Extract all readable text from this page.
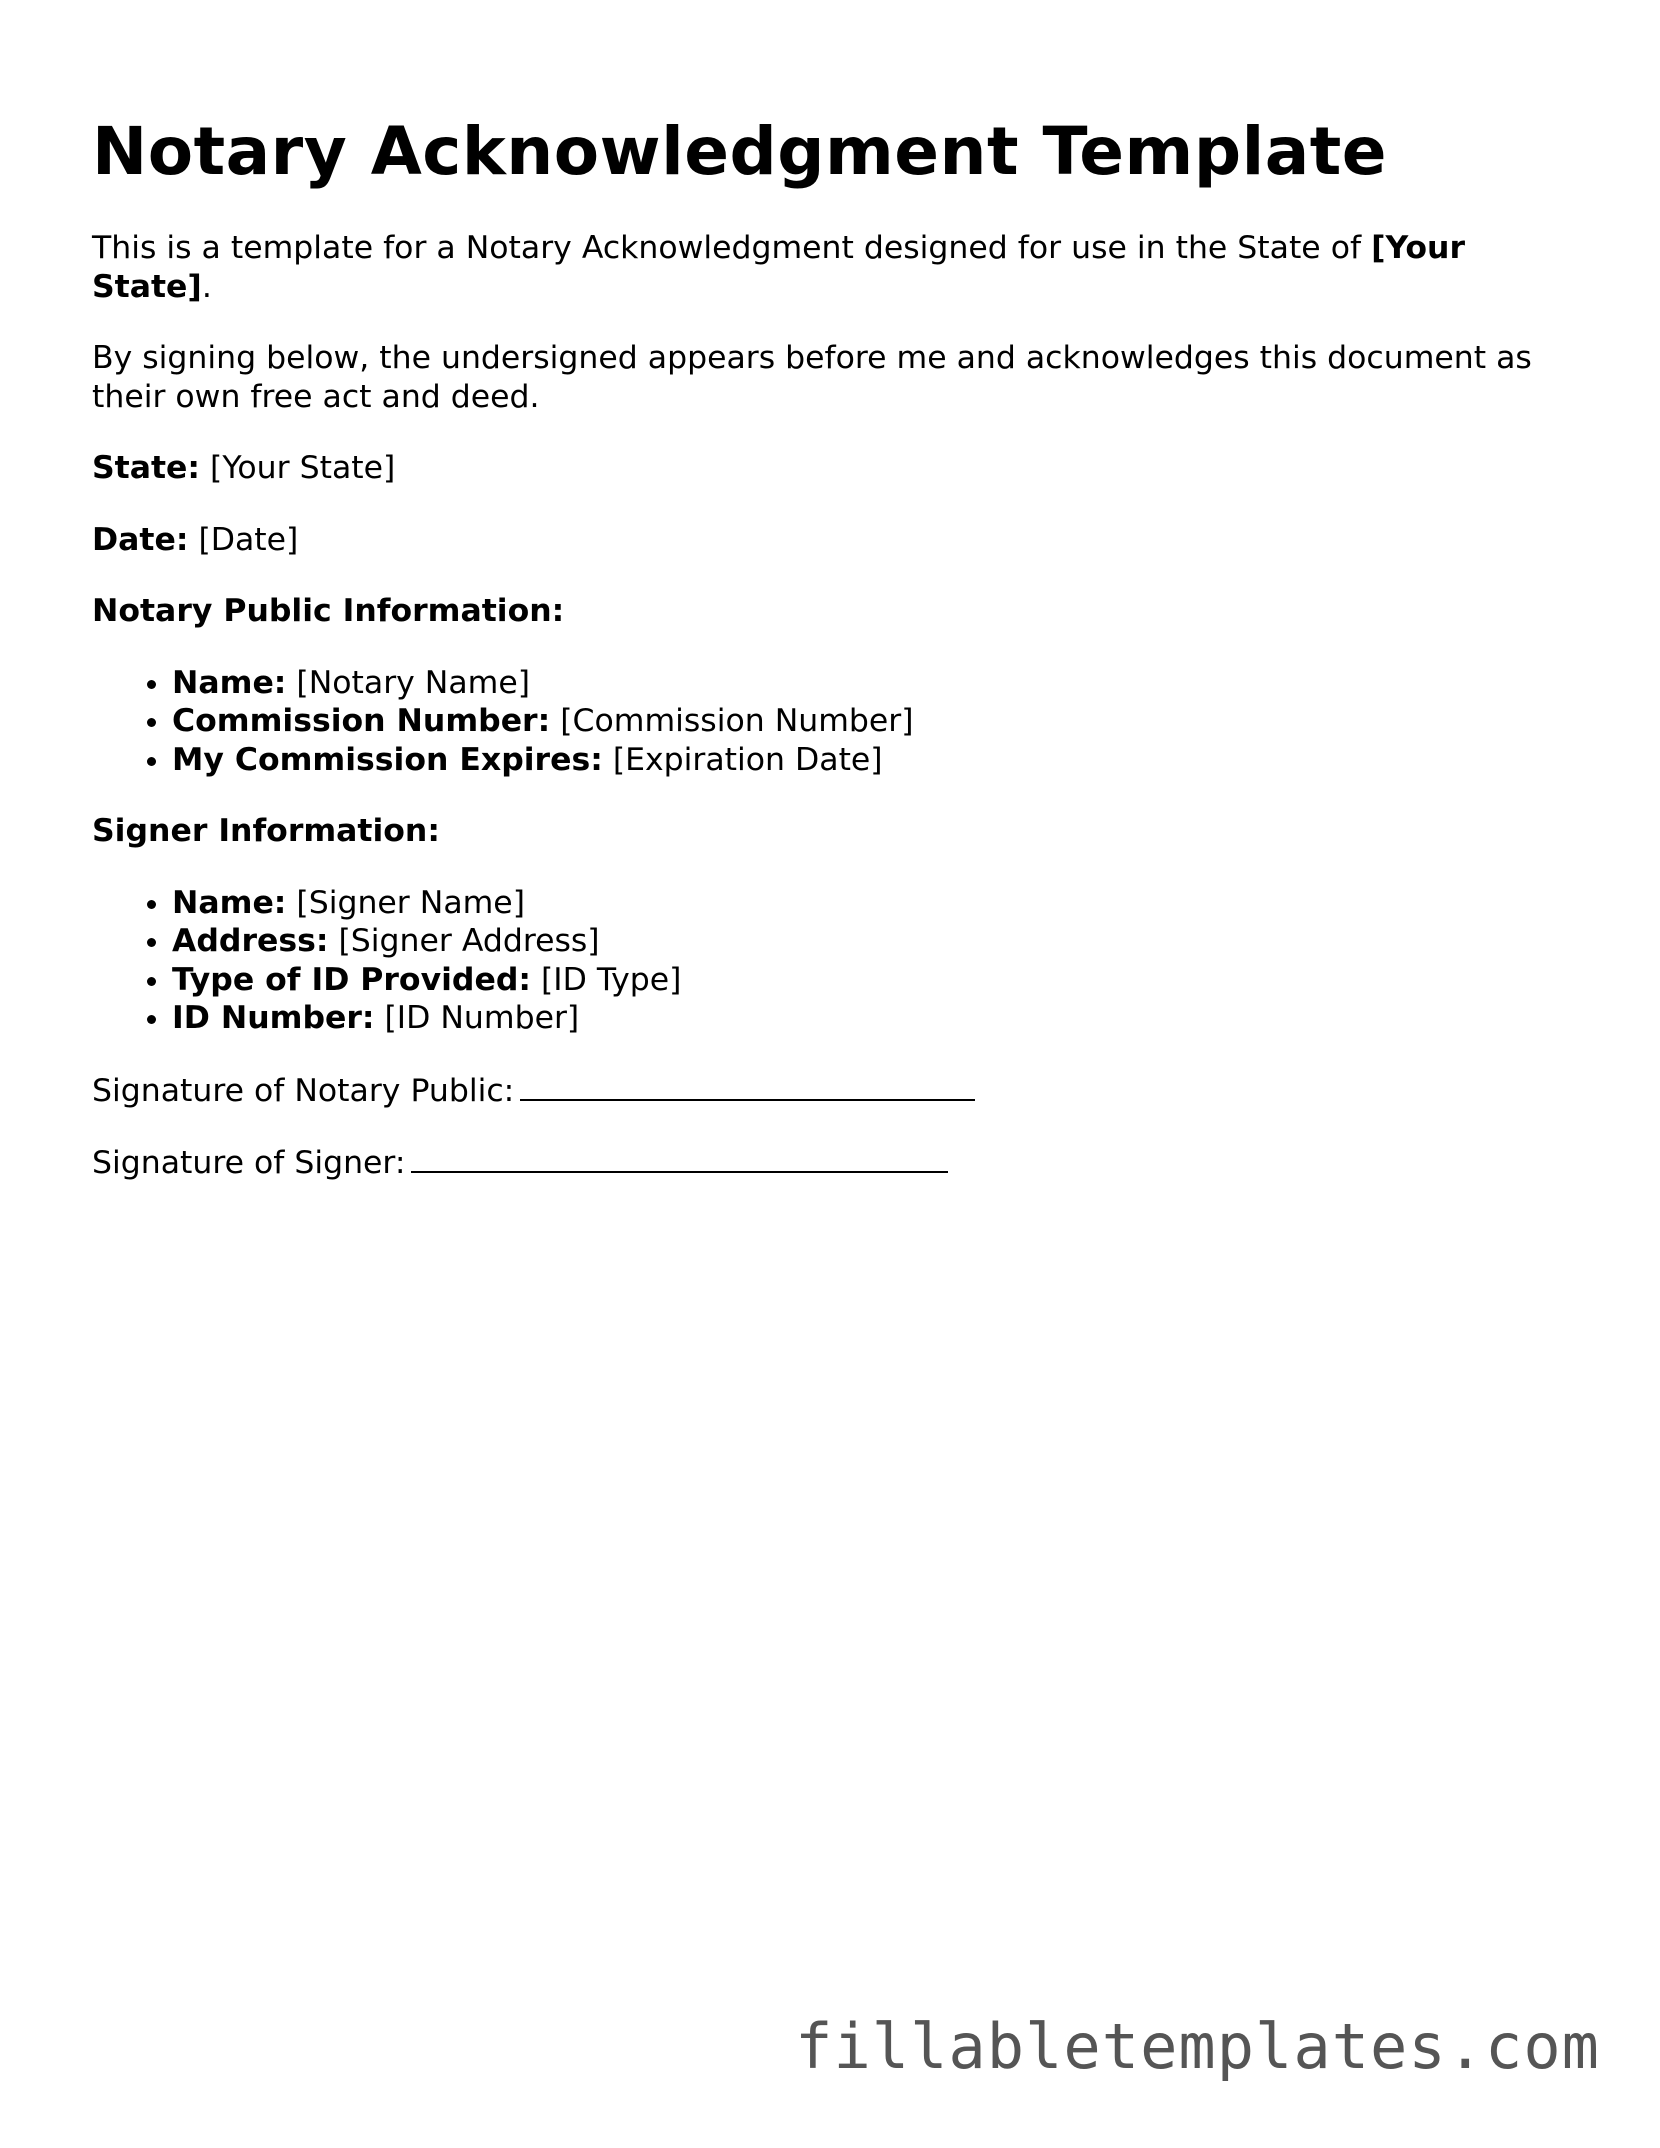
Notary Acknowledgment Template

This is a template for a Notary Acknowledgment designed for use in the State of [Your State].

By signing below, the undersigned appears before me and acknowledges this document as their own free act and deed.

State: [Your State]

Date: [Date]

Notary Public Information:

• Name: [Notary Name]
• Commission Number: [Commission Number]
• My Commission Expires: [Expiration Date]

Signer Information:

• Name: [Signer Name]
• Address: [Signer Address]
• Type of ID Provided: [ID Type]
• ID Number: [ID Number]

Signature of Notary Public:

Signature of Signer:

fillabletemplates.com
